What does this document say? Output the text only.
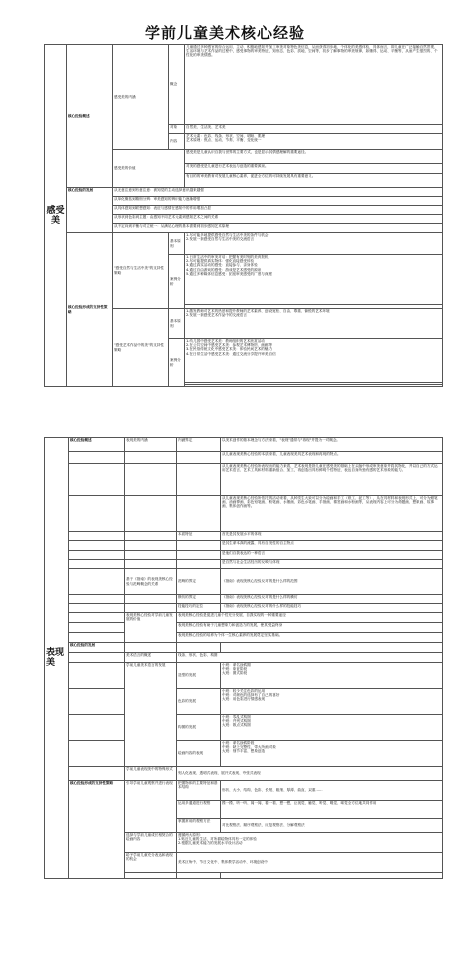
学前儿童美术核心经验
感受美	核心经验概述	感受美的内涵	概念	儿童通过多种感官的综合运用、主动、积极地感知并加工审美对象特色美信息，从而获得初步地、个体化的美感体验，具体而言，即儿童在广泛接触自然景观、生活环境与艺术作品的过程中，感受事物的审美特征，知形态、色彩、质地、空间等，初步了解事物的审美规律，如懂得、运动、平衡等，从而产生强烈的、个性化的审美情感。
			对象	自然美、生活美、艺术美
			内容	艺术元素：色彩、线条、形状、空间、明暗、肌理
艺术原理：焦点、运动、节奏、平衡、变化统一

		感受美的价值		感受美是儿童认识自我与世界的主要方式，也是显示其情感理解的重要途径。
				对美的感受是儿童进行艺术表达与创造的重要源泉。
				有目的的审美教育对发展儿童核心素养，促进全方位的可持续发展具有重要意义。
	核心经验的发展	从无意注意到有意注意：被知觉的主动选择意识越来越强		
		从单化概括到精细分辨：审美感知的辨识能力逐渐增强		
		从具体感知到联想感知：表征与感情在感知中的作用增加凸显		
		从形状到色彩到主题：由感知不同艺术元素到感知艺术之间的关系		
		从不定向到平衡与对立统一：从满足心理的基本需要到初步感知艺术原理		
	核心经验形成的支持性策略	"感受自然与生活中美"的支持性策略	基本原则	1.尽可能多地提供感受自然与生活中美的条件与机会
2.发展一套感受自然与生活中美的交流语言

			案例分析	1.日常生活中的审美对话：把握有美时刻的美育契机
2.尽可能提供真实物体：强化直接感受体验
3.通过真实活动的感受：直接参与、亲身体验
4.通过自由游戏的感受：游戏是艺术感受的源泉
5.通过多种媒体信息感受：拓宽审美感受的广度与深度

		"感受艺术作品中的美"的支持性策略	基本原则	1.激发教师对艺术的热爱和提升教师的艺术素养、创设宽松、自由、尊重、愉悦的艺术环境
2.发展一套感受艺术作品中的交流语言

			案例分析	1.幼儿园中感受艺术美：教师组织的艺术欣赏活动
2.在公共空间中感受艺术美：参观艺术博物馆、画廊等
3.在民俗传统文化中感受艺术美：体验民间艺术的魅力
4.在日常生活中感受艺术美：通过交流分享提升审美自信

表现美	核心经验概述	表现美的内涵	内涵界定	以美术创作的基本理念与方法来看，"表现"通常与"再现"并提为一对概念。
				从儿童表现美核心经验的本质来看，儿童表现美具艺术表现和再现的特点。
				从儿童表现美核心经验所表现出的能力来看，艺术表现是指儿童在感受美的基础上在头脑中形成审美意象并将其物化，并以自己的方式运用艺术语言、艺术工具和材料重新组合、加工，再创造出具有鲜明个性特征、表达自身所独有感的艺术形象的能力。
				从儿童表现美核心经验所依托的活动来看，从种类生大致可以分为绘画和手工（纸工、泥工等），从在具材料和表现形式上，可分为蜡笔画、油画棒画、彩色铅笔画、粉笔画、水墨画、彩色水笔画、手指画、棉签画和水粉画等，从表现内容上可分为命题画、想象画、故事画、集体创作画等。
			本质特征	首先是其发展水平的体现
				是其生命本真的流露，具有自发性的自主特点
				是他们自我表达的一种语言
				是自然与社会生活经历的反映与体现
		基于《指南》的表现美核心经验与范畴概念的关系	范畴的界定	《指南》表现美核心经验反对的是什么样的范围
			横仿的界定	《指南》表现美核心经验反对的是什么样的横仿
			技能技巧的定位	《指南》表现美核心经验反对的什么样的技能技巧
		表现美核心经验对学前儿童发展的价值	表现美核心经验是促进儿童个性充分发展、自我实现的一种重要途径	
			表现美核心经验有助于儿童想象力和创造力的发展，使其受益终身	
			表现美核心经验的培养为个体一生核心素养的发展奠定坚实基础。	
	核心经验的发展			
		美术语言的概述	线条、形状、色彩、构图	
		学前儿童美术语言的发展	造型的发展	小班：命名涂鸦期
中班：象征阶段
大班：图式阶段

			色彩的发展	小班：较少关注色彩的运用
中班：对颜色的选择有了自己的喜好
大班：用色彩进行情感表现

			构图的发展	小班：零乱式构图
中班：并列式构图
大班：散点式构图

			绘画内容的表现	小班：命名涂鸦阶段
中班：缺乏完整性、带大所画对象
大班：细节丰富、想象创造

		学前儿童表现美中的特殊形式	刻人化表现、透明式表现、展开式表现、夸张式表现	
	核心经验形成的支持性策略	引导学前儿童观察并进行表现	把握物体的主要特征和基本结构	形状、大小、结构、色彩、长短、粗细、厚薄、曲直、双重……
			运用多通道进行观察	摸一摸、听一听、闻一闻、看一看、想一想，让视觉、触觉、听觉、嗅觉、味觉全方位地共同作用
			掌握常用的观察方法	对比观察法、顺序观察法、反复观察法、分解观察法
		选择与学前儿童成长相契合的绘画内容	遵循两大原则：
1.贴近儿童的生活，对所描绘物体具有一定的体验
2.根据儿童美术能力的发展水平设计活动	

		给予学前儿童充分表达和表现的机会	美术区角中、节日文化中、集体教学活动中、环境创设中	
